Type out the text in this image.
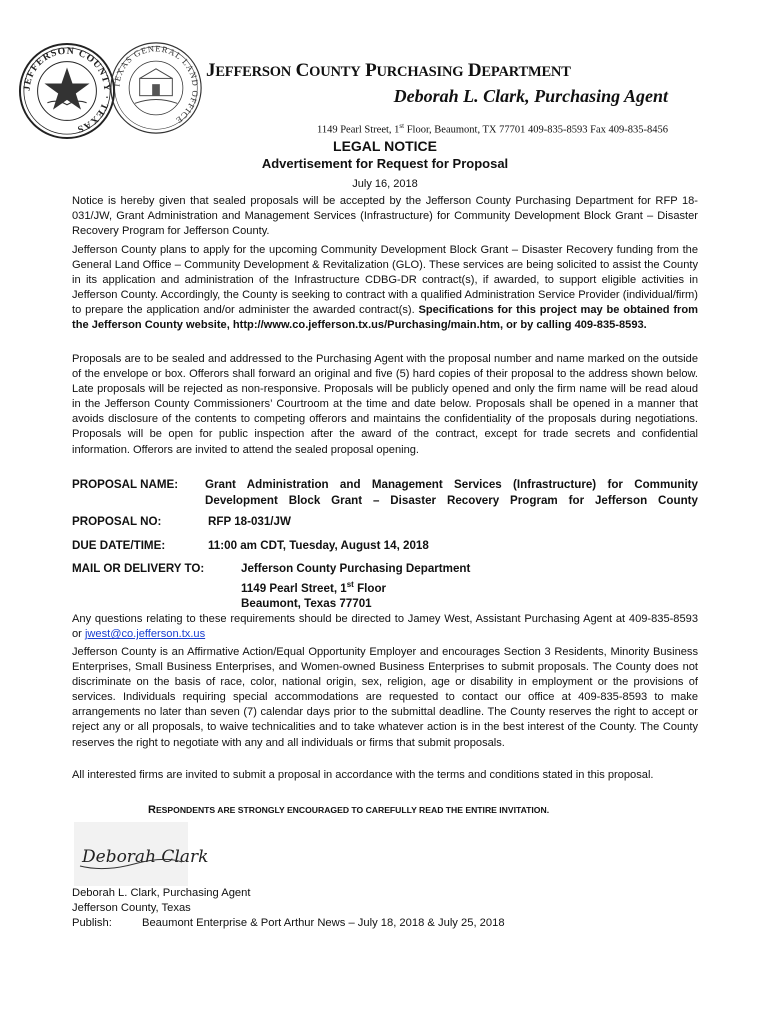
JEFFERSON COUNTY · TEXAS
TEXAS GENERAL LAND OFFICE
JEFFERSON COUNTY PURCHASING DEPARTMENT
Deborah L. Clark, Purchasing Agent
1149 Pearl Street, 1st Floor, Beaumont, TX 77701 409-835-8593 Fax 409-835-8456
LEGAL NOTICE
Advertisement for Request for Proposal
July 16, 2018

Notice is hereby given that sealed proposals will be accepted by the Jefferson County Purchasing Department for RFP 18-031/JW, Grant Administration and Management Services (Infrastructure) for Community Development Block Grant – Disaster Recovery Program for Jefferson County.

Jefferson County plans to apply for the upcoming Community Development Block Grant – Disaster Recovery funding from the General Land Office – Community Development & Revitalization (GLO). These services are being solicited to assist the County in its application and administration of the Infrastructure CDBG-DR contract(s), if awarded, to support eligible activities in Jefferson County. Accordingly, the County is seeking to contract with a qualified Administration Service Provider (individual/firm) to prepare the application and/or administer the awarded contract(s). Specifications for this project may be obtained from the Jefferson County website, http://www.co.jefferson.tx.us/Purchasing/main.htm, or by calling 409-835-8593.

Proposals are to be sealed and addressed to the Purchasing Agent with the proposal number and name marked on the outside of the envelope or box. Offerors shall forward an original and five (5) hard copies of their proposal to the address shown below. Late proposals will be rejected as non-responsive. Proposals will be publicly opened and only the firm name will be read aloud in the Jefferson County Commissioners’ Courtroom at the time and date below. Proposals shall be opened in a manner that avoids disclosure of the contents to competing offerors and maintains the confidentiality of the proposals during negotiations. Proposals will be open for public inspection after the award of the contract, except for trade secrets and confidential information. Offerors are invited to attend the sealed proposal opening.

PROPOSAL NAME: Grant Administration and Management Services (Infrastructure) for Community Development Block Grant – Disaster Recovery Program for Jefferson County
PROPOSAL NO:	RFP 18-031/JW
DUE DATE/TIME:	11:00 am CDT, Tuesday, August 14, 2018
MAIL OR DELIVERY TO:	Jefferson County Purchasing Department
1149 Pearl Street, 1st Floor
Beaumont, Texas 77701

Any questions relating to these requirements should be directed to Jamey West, Assistant Purchasing Agent at 409-835-8593 or jwest@co.jefferson.tx.us

Jefferson County is an Affirmative Action/Equal Opportunity Employer and encourages Section 3 Residents, Minority Business Enterprises, Small Business Enterprises, and Women-owned Business Enterprises to submit proposals. The County does not discriminate on the basis of race, color, national origin, sex, religion, age or disability in employment or the provisions of services. Individuals requiring special accommodations are requested to contact our office at 409-835-8593 to make arrangements no later than seven (7) calendar days prior to the submittal deadline. The County reserves the right to accept or reject any or all proposals, to waive technicalities and to take whatever action is in the best interest of the County. The County reserves the right to negotiate with any and all individuals or firms that submit proposals.

All interested firms are invited to submit a proposal in accordance with the terms and conditions stated in this proposal.

RESPONDENTS ARE STRONGLY ENCOURAGED TO CAREFULLY READ THE ENTIRE INVITATION.
Deborah Clark
Deborah L. Clark, Purchasing Agent
Jefferson County, Texas
Publish:	Beaumont Enterprise & Port Arthur News – July 18, 2018 & July 25, 2018
